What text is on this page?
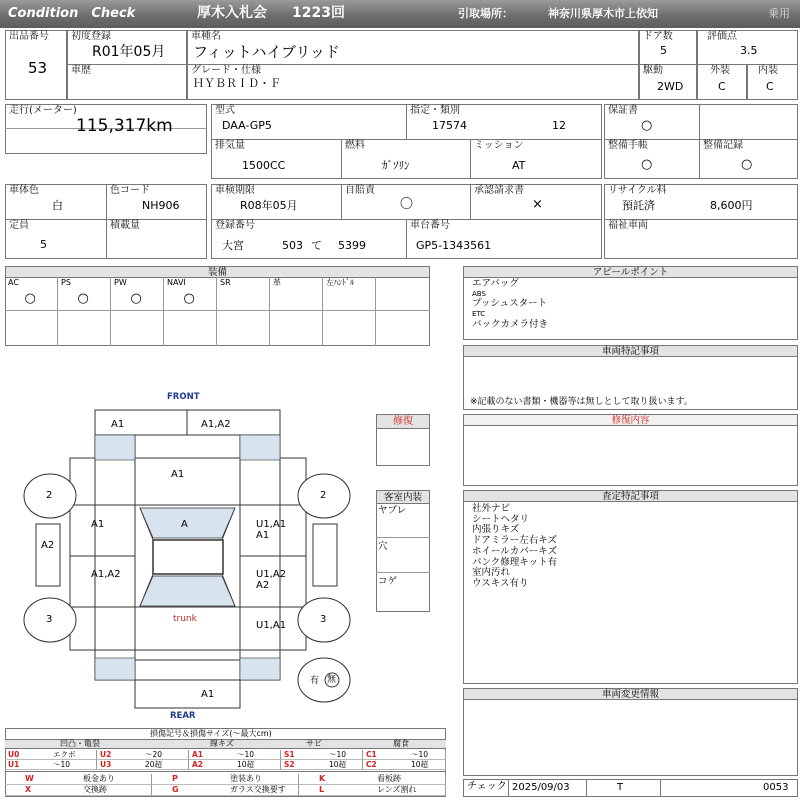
Condition　Check	厚木入札会 1223回	引取場所：	神奈川県厚木市上依知	乗用
出品番号
53
初度登録
R01年05月
車歴
車種名
フィットハイブリッド
グレード・仕様
ＨＹＢＲＩＤ・Ｆ
ドア数
5
評価点
3.5
駆動
2WD
外装
C
内装
C
走行(メーター)
115,317km
型式
DAA-GP5
指定・類別
17574	12
排気量
1500CC
燃料
ｶﾞｿﾘﾝ
ミッション
AT
保証書
○
整備手帳
○
整備記録
○
車体色
白
色コード
NH906
定員
5
積載量
車検期限
R08年05月
自賠責
〇
承認請求書
×
登録番号
大宮	503 て 5399
車台番号
GP5-1343561
リサイクル料
預託済	8,600円
福祉車両
装備
AC
○
PS
○
PW
○
NAVI
○
SR	革	左ﾊﾝﾄﾞﾙ
アピールポイント
エアバッグ
ABS
プッシュスタート
ETC
バックカメラ付き
車両特記事項
※記載のない書類・機器等は無しとして取り扱います。
修復内容
査定特記事項
社外ナビ
シートヘタリ
内張りキズ
ドアミラー左右キズ
ホイールカバーキズ
パンク修理キット有
室内汚れ
ウスキス有り
車両変更情報
チェック 2025/09/03	T	0053
修復
客室内装
ヤブレ
穴
コゲ
FRONT
REAR
trunk
A1	A1,A2
A1
A
A1
A1,A2
U1,A1
A1
U1,A2
A2
U1,A1
A2
A1
2	2
3	3
有 無
損傷記号＆損傷サイズ(〜最大cm)
凹凸・亀裂	線キズ	サビ	腐食
U0	エクボ	U2	〜20	A1	〜10	S1	〜10	C1	〜10
U1	〜10	U3	20超	A2	10超	S2	10超	C2	10超
W	板金あり	P	塗装あり	K	看板跡
X	交換跡	G	ガラス交換要す	L	レンズ割れ
